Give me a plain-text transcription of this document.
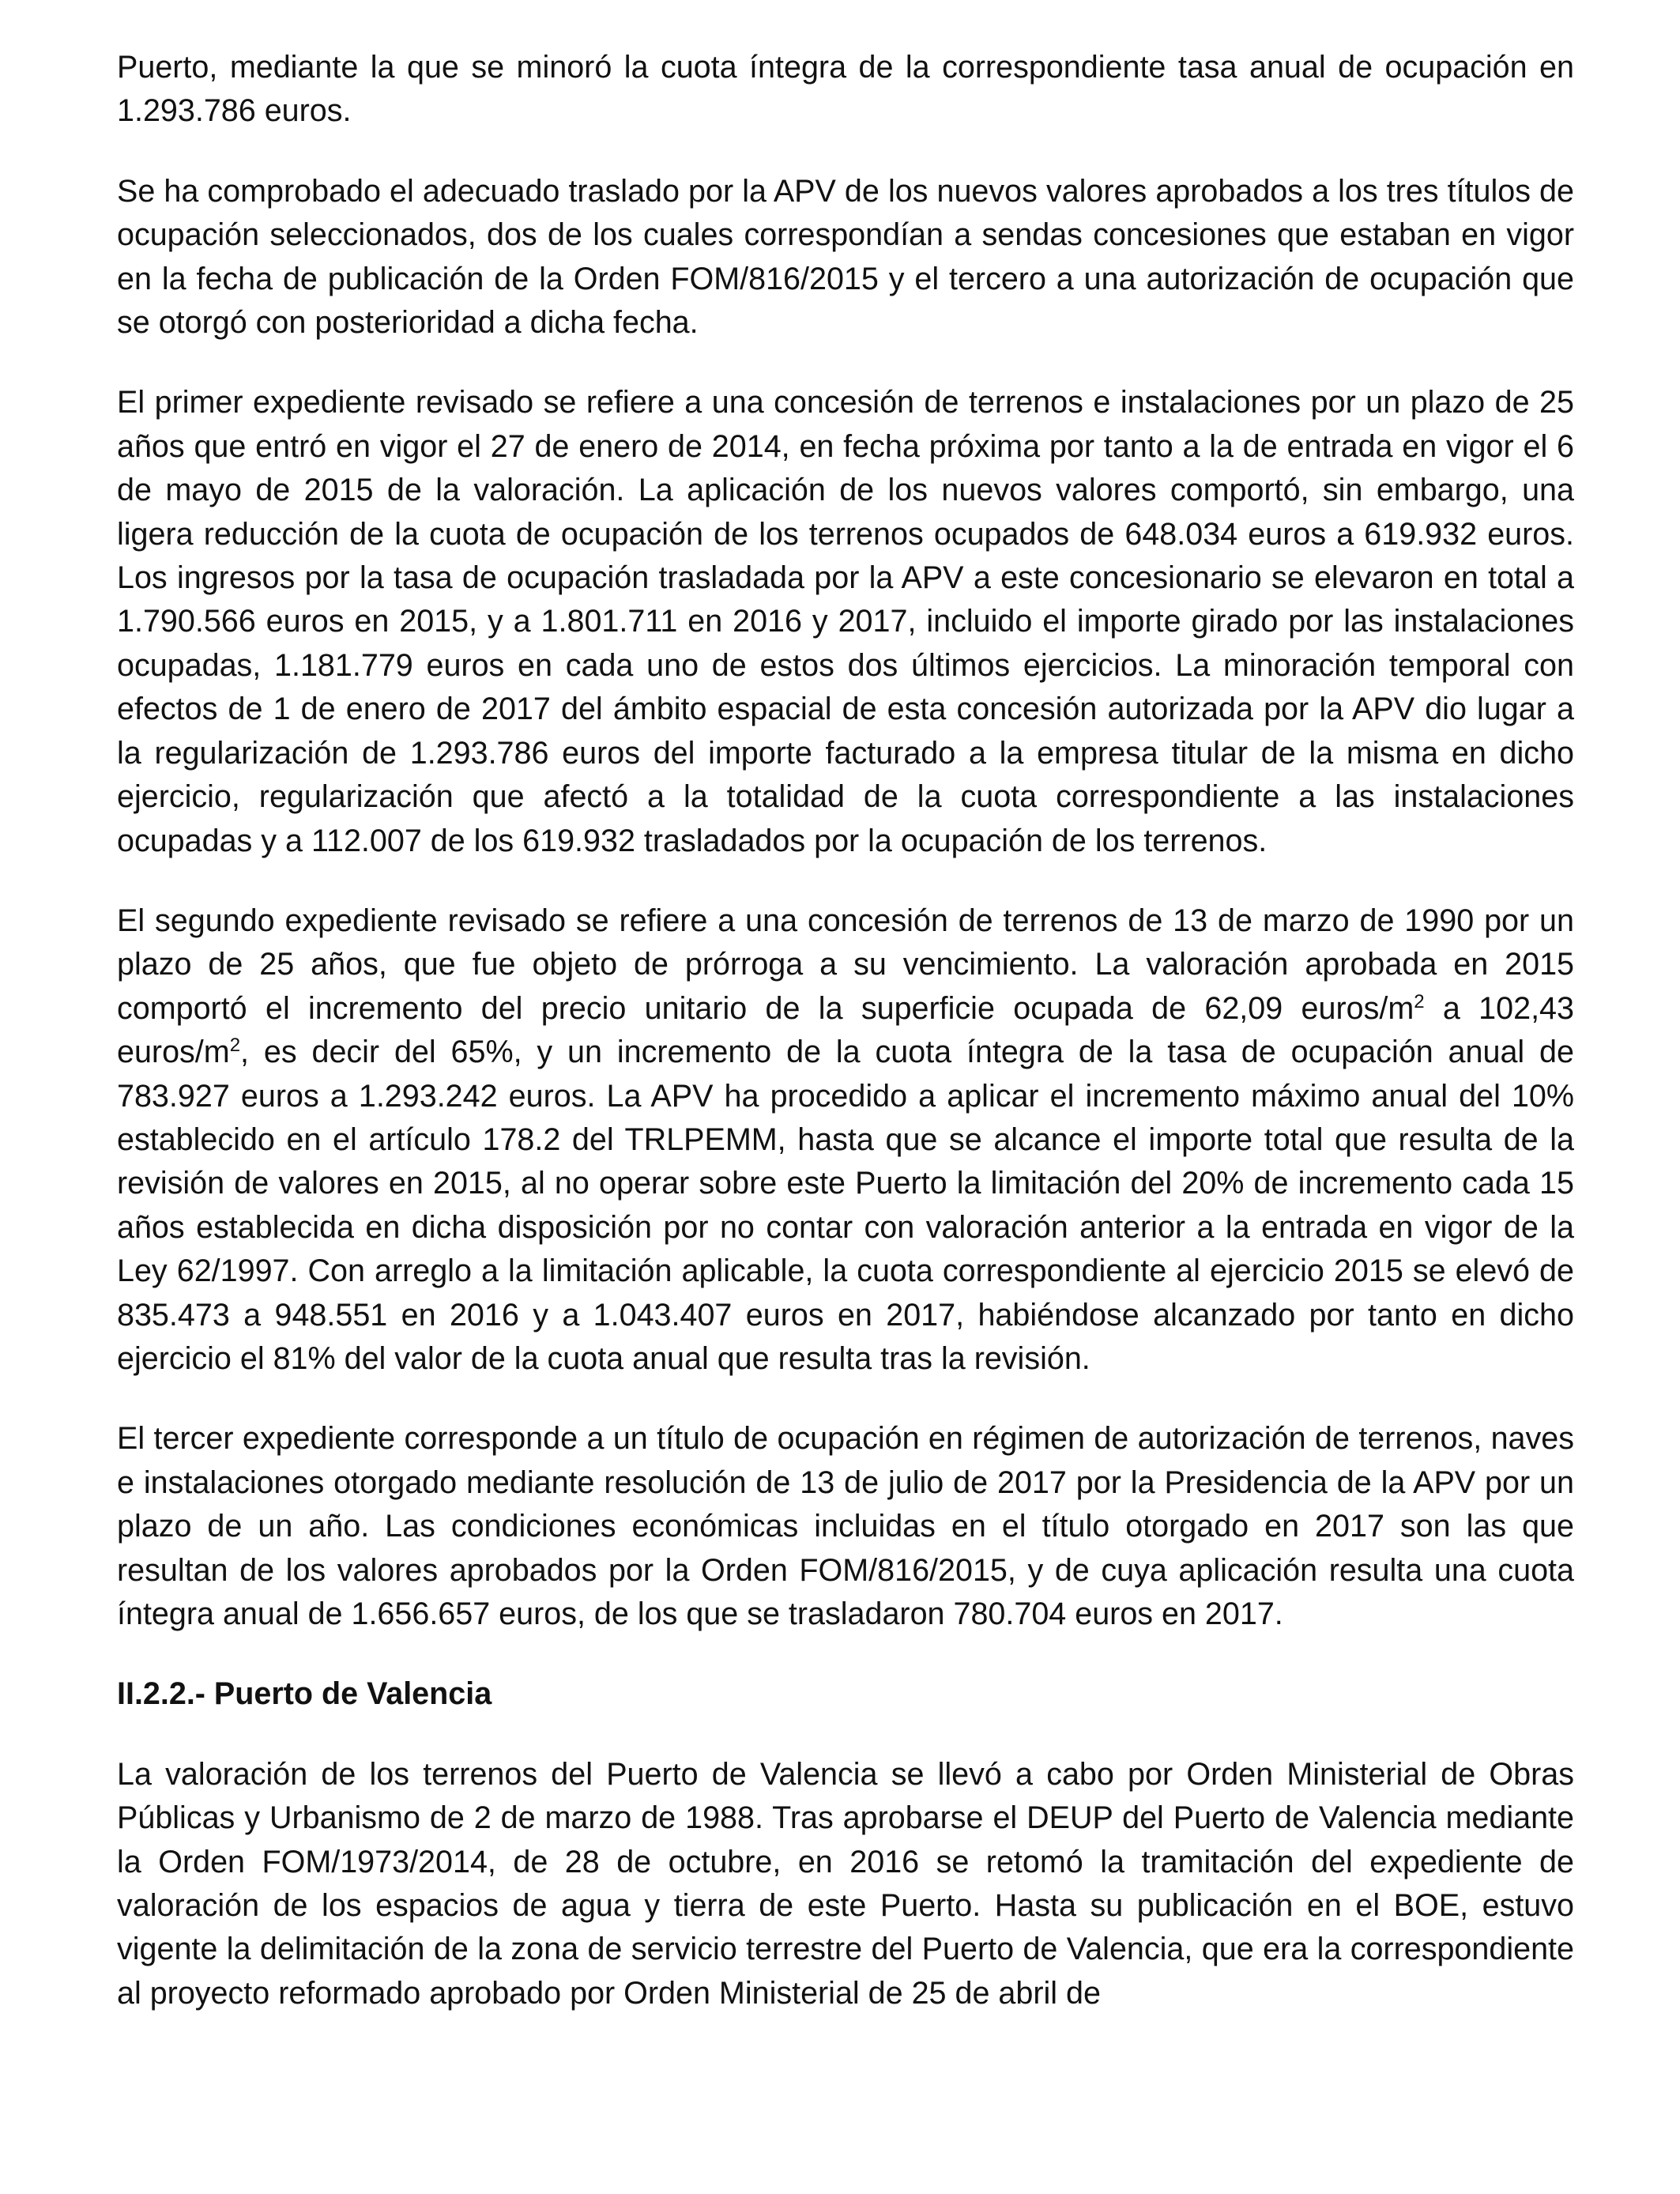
Puerto, mediante la que se minoró la cuota íntegra de la correspondiente tasa anual de ocupación en 1.293.786 euros.

Se ha comprobado el adecuado traslado por la APV de los nuevos valores aprobados a los tres títulos de ocupación seleccionados, dos de los cuales correspondían a sendas concesiones que estaban en vigor en la fecha de publicación de la Orden FOM/816/2015 y el tercero a una autorización de ocupación que se otorgó con posterioridad a dicha fecha.

El primer expediente revisado se refiere a una concesión de terrenos e instalaciones por un plazo de 25 años que entró en vigor el 27 de enero de 2014, en fecha próxima por tanto a la de entrada en vigor el 6 de mayo de 2015 de la valoración. La aplicación de los nuevos valores comportó, sin embargo, una ligera reducción de la cuota de ocupación de los terrenos ocupados de 648.034 euros a 619.932 euros. Los ingresos por la tasa de ocupación trasladada por la APV a este concesionario se elevaron en total a 1.790.566 euros en 2015, y a 1.801.711 en 2016 y 2017, incluido el importe girado por las instalaciones ocupadas, 1.181.779 euros en cada uno de estos dos últimos ejercicios. La minoración temporal con efectos de 1 de enero de 2017 del ámbito espacial de esta concesión autorizada por la APV dio lugar a la regularización de 1.293.786 euros del importe facturado a la empresa titular de la misma en dicho ejercicio, regularización que afectó a la totalidad de la cuota correspondiente a las instalaciones ocupadas y a 112.007 de los 619.932 trasladados por la ocupación de los terrenos.

El segundo expediente revisado se refiere a una concesión de terrenos de 13 de marzo de 1990 por un plazo de 25 años, que fue objeto de prórroga a su vencimiento. La valoración aprobada en 2015 comportó el incremento del precio unitario de la superficie ocupada de 62,09 euros/$m^2$ a 102,43 euros/$m^2$, es decir del 65%, y un incremento de la cuota íntegra de la tasa de ocupación anual de 783.927 euros a 1.293.242 euros. La APV ha procedido a aplicar el incremento máximo anual del 10% establecido en el artículo 178.2 del TRLPEMM, hasta que se alcance el importe total que resulta de la revisión de valores en 2015, al no operar sobre este Puerto la limitación del 20% de incremento cada 15 años establecida en dicha disposición por no contar con valoración anterior a la entrada en vigor de la Ley 62/1997. Con arreglo a la limitación aplicable, la cuota correspondiente al ejercicio 2015 se elevó de 835.473 a 948.551 en 2016 y a 1.043.407 euros en 2017, habiéndose alcanzado por tanto en dicho ejercicio el 81% del valor de la cuota anual que resulta tras la revisión.

El tercer expediente corresponde a un título de ocupación en régimen de autorización de terrenos, naves e instalaciones otorgado mediante resolución de 13 de julio de 2017 por la Presidencia de la APV por un plazo de un año. Las condiciones económicas incluidas en el título otorgado en 2017 son las que resultan de los valores aprobados por la Orden FOM/816/2015, y de cuya aplicación resulta una cuota íntegra anual de 1.656.657 euros, de los que se trasladaron 780.704 euros en 2017.

II.2.2.- Puerto de Valencia

La valoración de los terrenos del Puerto de Valencia se llevó a cabo por Orden Ministerial de Obras Públicas y Urbanismo de 2 de marzo de 1988. Tras aprobarse el DEUP del Puerto de Valencia mediante la Orden FOM/1973/2014, de 28 de octubre, en 2016 se retomó la tramitación del expediente de valoración de los espacios de agua y tierra de este Puerto. Hasta su publicación en el BOE, estuvo vigente la delimitación de la zona de servicio terrestre del Puerto de Valencia, que era la correspondiente al proyecto reformado aprobado por Orden Ministerial de 25 de abril de
